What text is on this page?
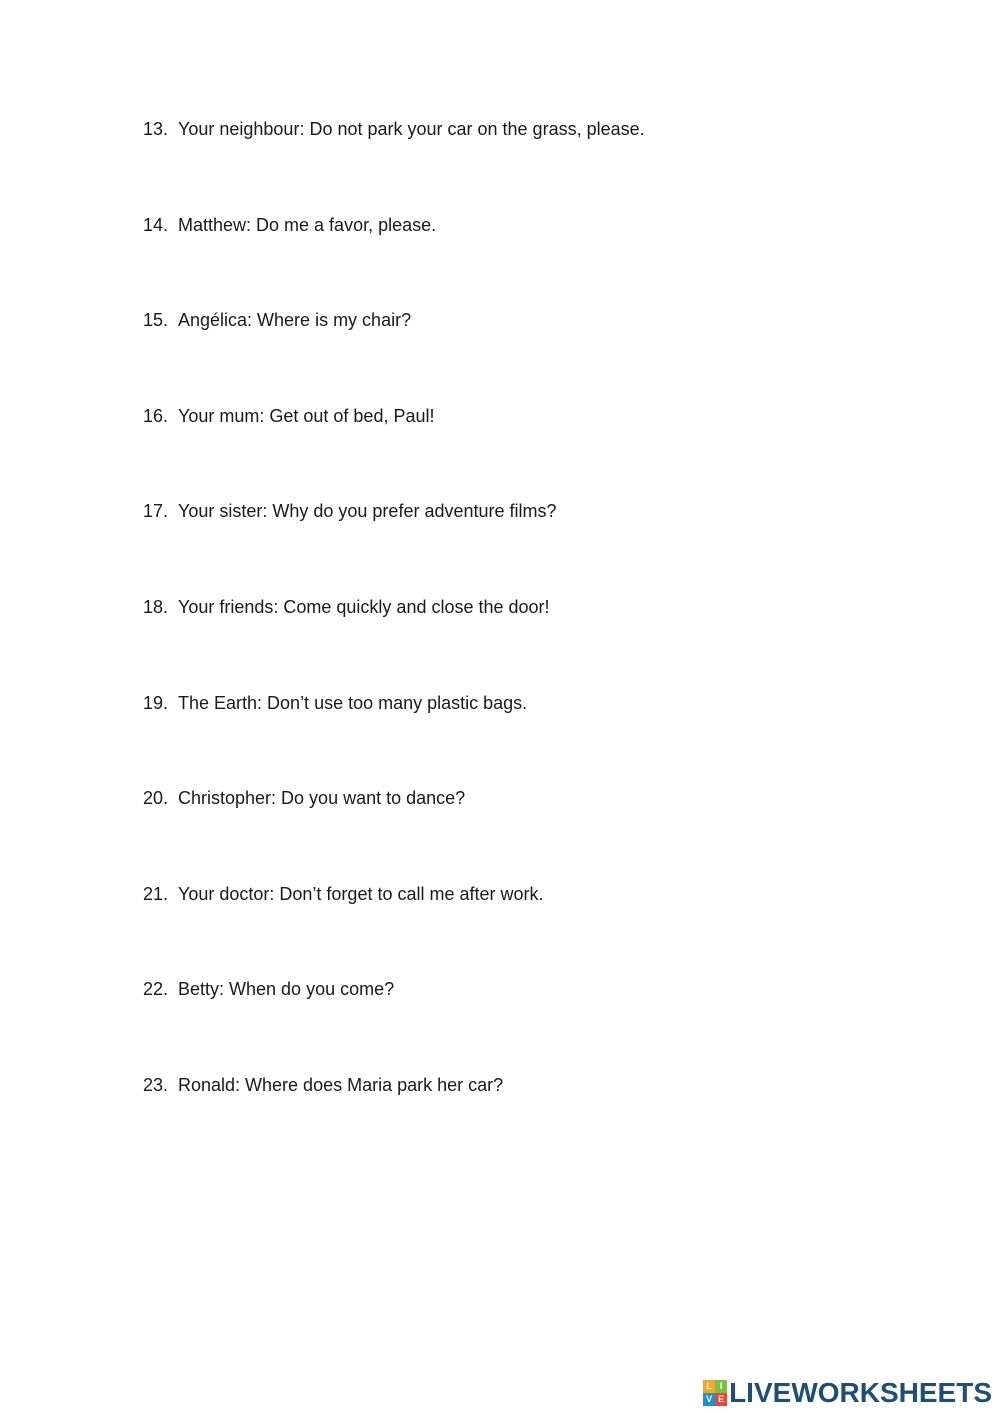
13. Your neighbour: Do not park your car on the grass, please.
14. Matthew: Do me a favor, please.
15. Angélica: Where is my chair?
16. Your mum: Get out of bed, Paul!
17. Your sister: Why do you prefer adventure films?
18. Your friends: Come quickly and close the door!
19. The Earth: Don’t use too many plastic bags.
20. Christopher: Do you want to dance?
21. Your doctor: Don’t forget to call me after work.
22. Betty: When do you come?
23. Ronald: Where does Maria park her car?
L I
V E LIVEWORKSHEETS
